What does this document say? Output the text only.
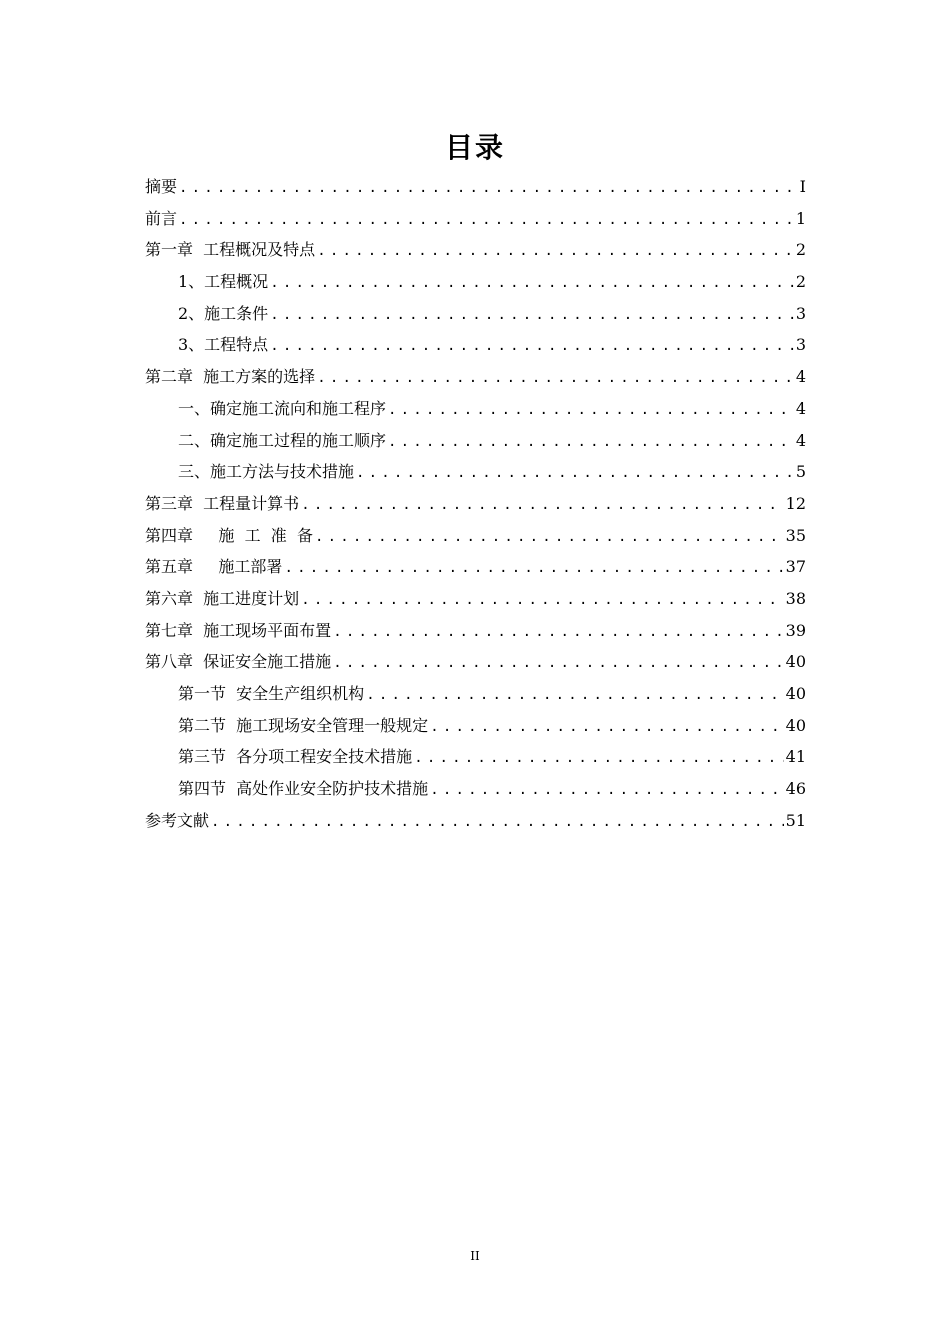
目录
摘要 .....	I
前言 .....	1
第一章  工程概况及特点 .....	2
1、工程概况 .....	2
2、施工条件 .....	3
3、工程特点 .....	3
第二章  施工方案的选择 .....	4
一、确定施工流向和施工程序 .....	4
二、确定施工过程的施工顺序 .....	4
三、施工方法与技术措施 .....	5
第三章  工程量计算书 .....	12
第四章     施  工  准  备 .....	35
第五章     施工部署 .....	37
第六章  施工进度计划 .....	38
第七章  施工现场平面布置 .....	39
第八章  保证安全施工措施 .....	40
第一节  安全生产组织机构 .....	40
第二节  施工现场安全管理一般规定 .....	40
第三节  各分项工程安全技术措施 .....	41
第四节  高处作业安全防护技术措施 .....	46
参考文献 .....	51
II
